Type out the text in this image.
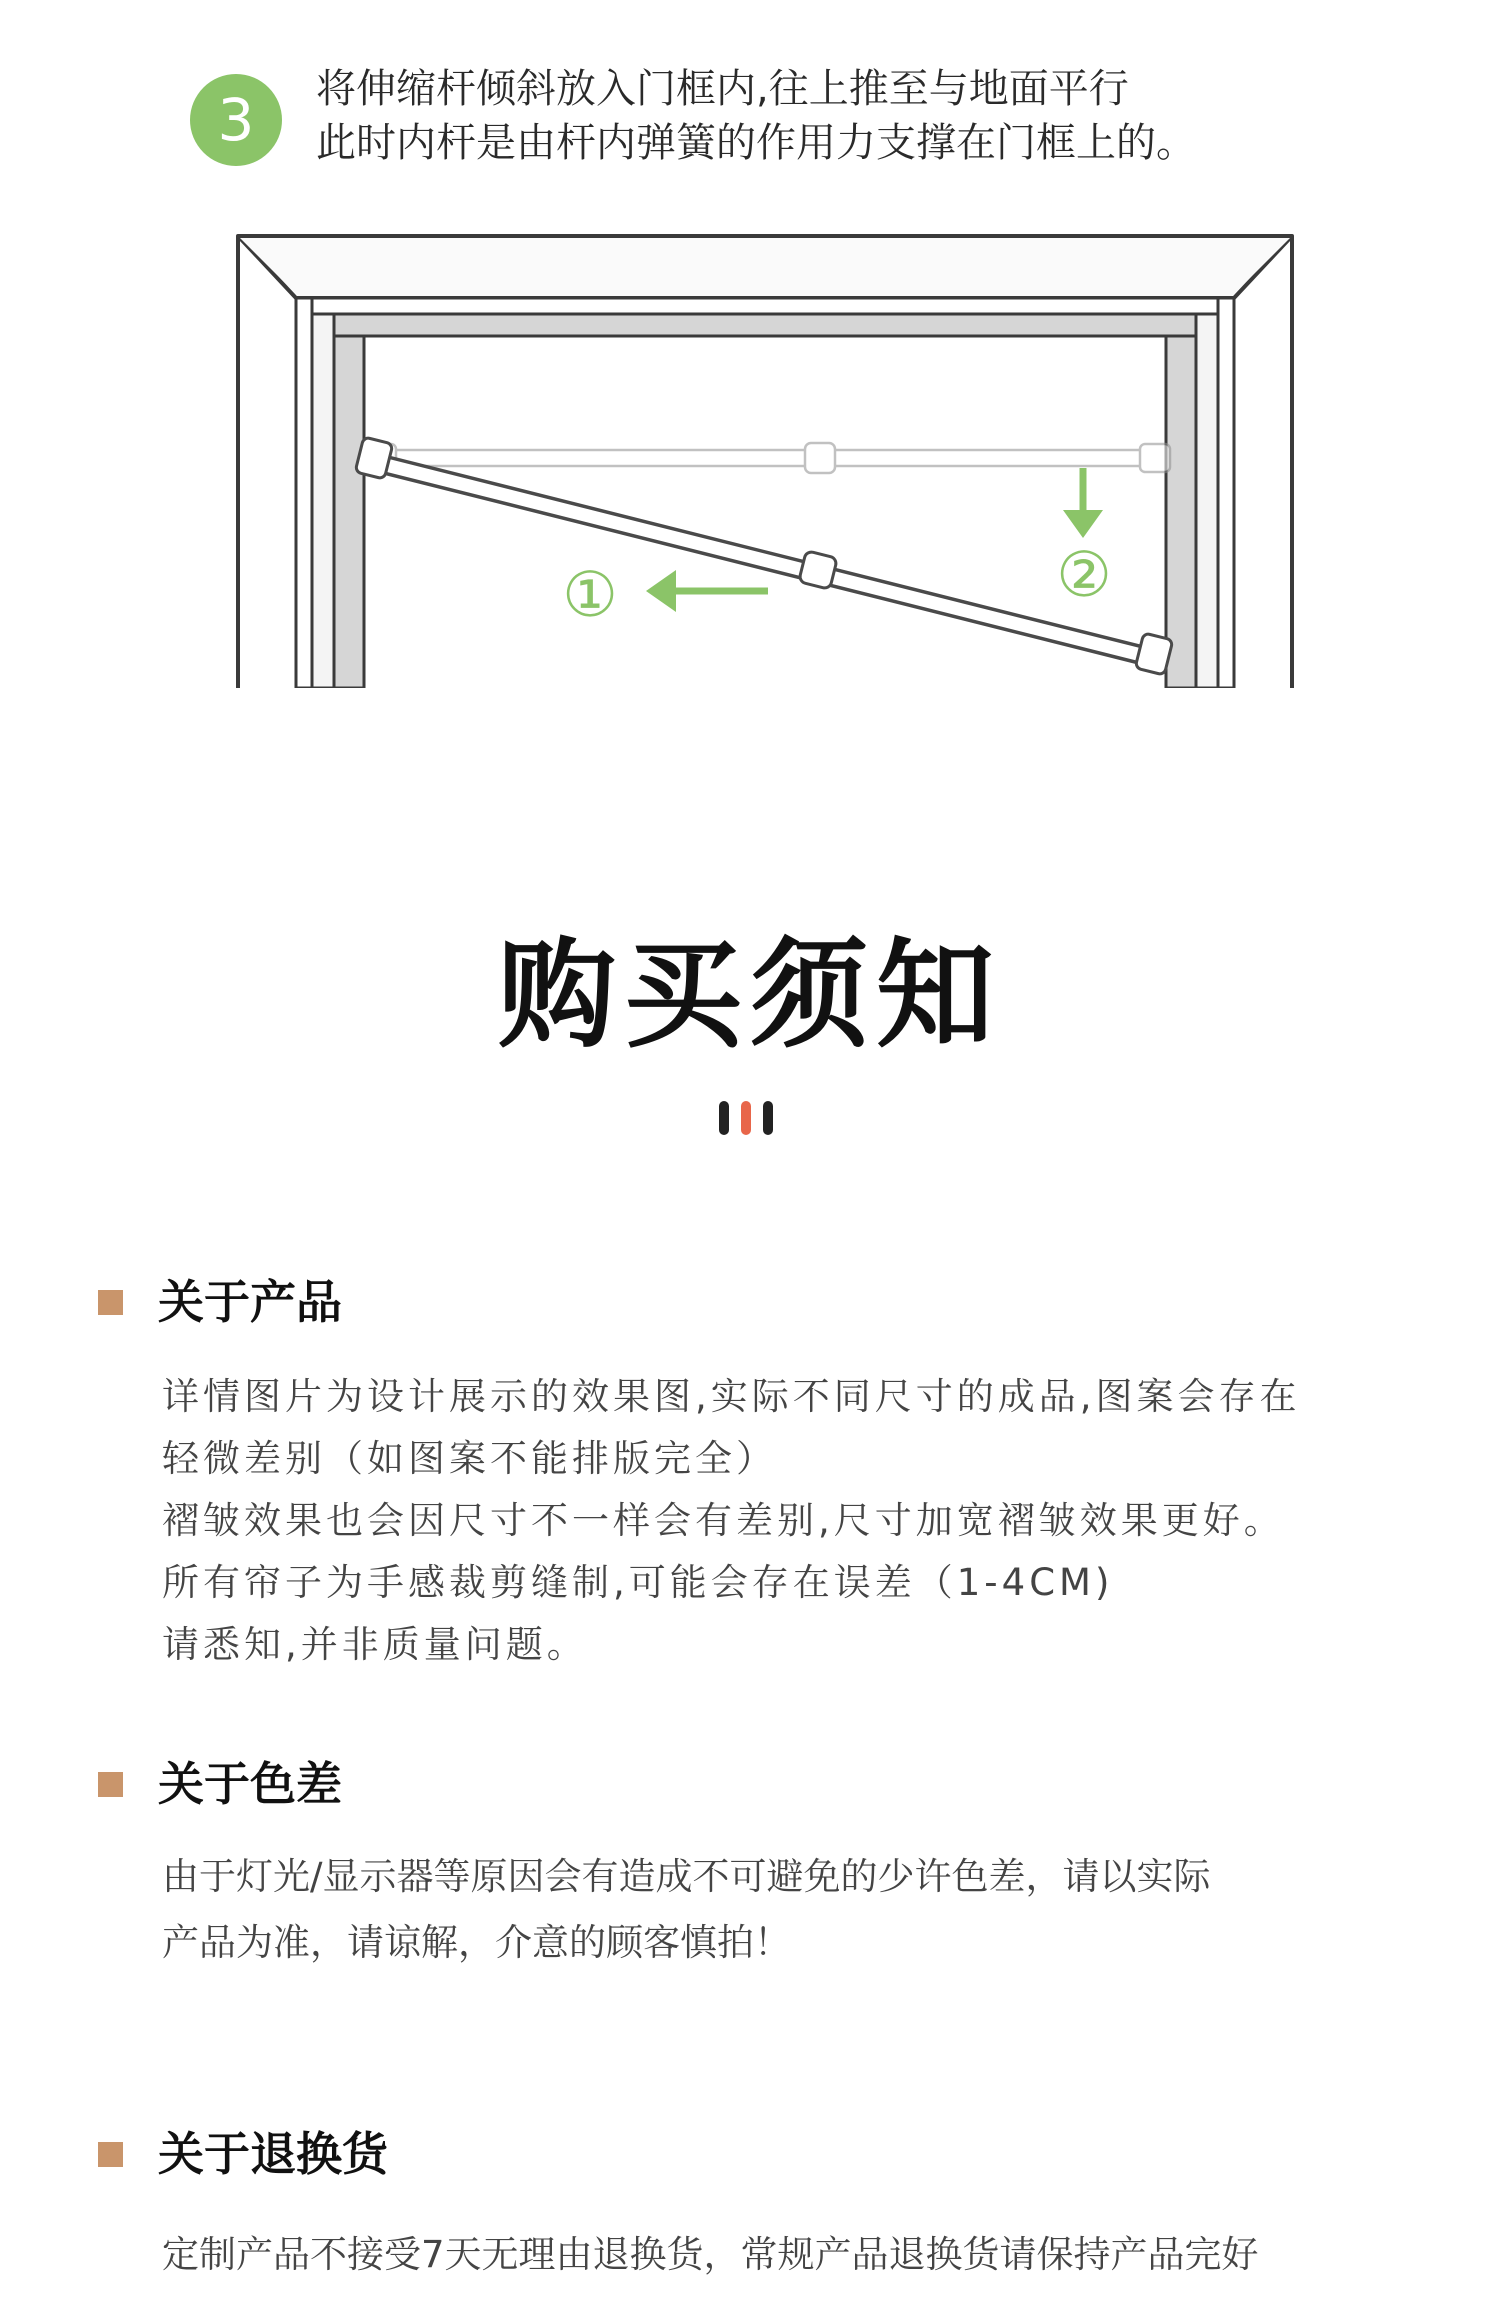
3	将伸缩杆倾斜放入门框内,往上推至与地面平行
此时内杆是由杆内弹簧的作用力支撑在门框上的。
①	②
购买须知
关于产品
详情图片为设计展示的效果图,实际不同尺寸的成品,图案会存在
轻微差别（如图案不能排版完全）
褶皱效果也会因尺寸不一样会有差别,尺寸加宽褶皱效果更好。
所有帘子为手感裁剪缝制,可能会存在误差（1-4CM)
请悉知,并非质量问题。
关于色差
由于灯光/显示器等原因会有造成不可避免的少许色差，请以实际
产品为准，请谅解，介意的顾客慎拍！
关于退换货
定制产品不接受7天无理由退换货，常规产品退换货请保持产品完好
